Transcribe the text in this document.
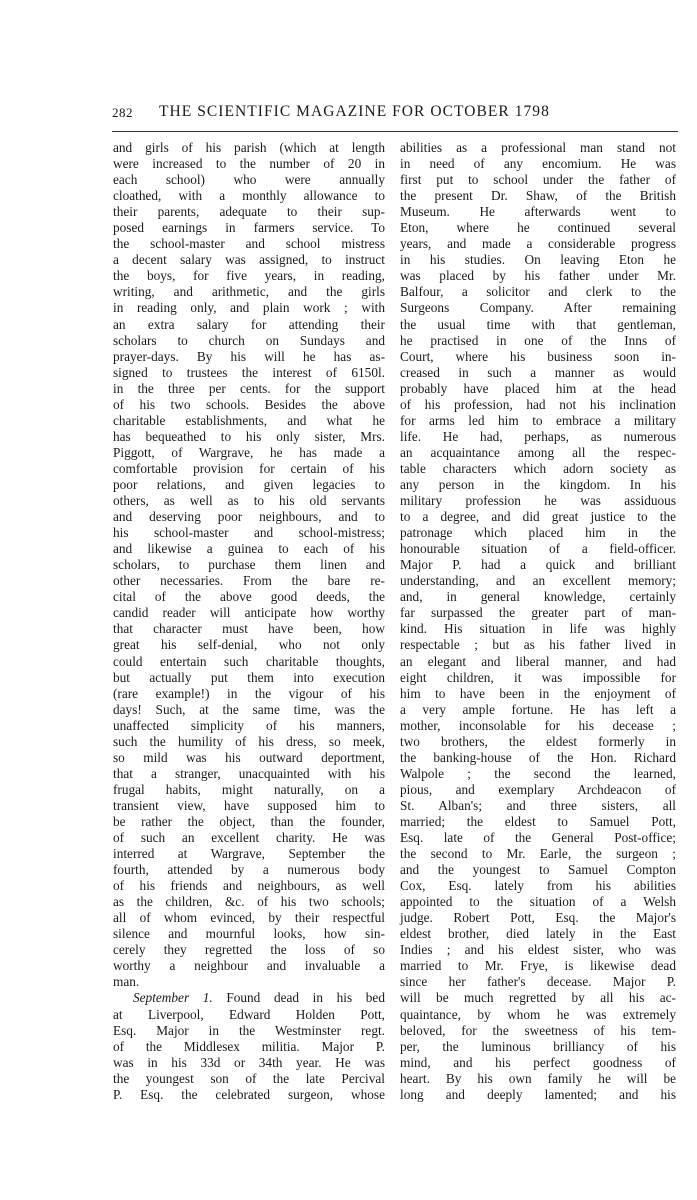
282 THE SCIENTIFIC MAGAZINE FOR OCTOBER 1798
and girls of his parish (which at length
were increased to the number of 20 in
each school) who were annually
cloathed, with a monthly allowance to
their parents, adequate to their sup-
posed earnings in farmers service. To
the school-master and school mistress
a decent salary was assigned, to instruct
the boys, for five years, in reading,
writing, and arithmetic, and the girls
in reading only, and plain work ; with
an extra salary for attending their
scholars to church on Sundays and
prayer-days. By his will he has as-
signed to trustees the interest of 6150l.
in the three per cents. for the support
of his two schools. Besides the above
charitable establishments, and what he
has bequeathed to his only sister, Mrs.
Piggott, of Wargrave, he has made a
comfortable provision for certain of his
poor relations, and given legacies to
others, as well as to his old servants
and deserving poor neighbours, and to
his school-master and school-mistress;
and likewise a guinea to each of his
scholars, to purchase them linen and
other necessaries. From the bare re-
cital of the above good deeds, the
candid reader will anticipate how worthy
that character must have been, how
great his self-denial, who not only
could entertain such charitable thoughts,
but actually put them into execution
(rare example!) in the vigour of his
days! Such, at the same time, was the
unaffected simplicity of his manners,
such the humility of his dress, so meek,
so mild was his outward deportment,
that a stranger, unacquainted with his
frugal habits, might naturally, on a
transient view, have supposed him to
be rather the object, than the founder,
of such an excellent charity. He was
interred at Wargrave, September the
fourth, attended by a numerous body
of his friends and neighbours, as well
as the children, &c. of his two schools;
all of whom evinced, by their respectful
silence and mournful looks, how sin-
cerely they regretted the loss of so
worthy a neighbour and invaluable a
man.
September 1. Found dead in his bed
at Liverpool, Edward Holden Pott,
Esq. Major in the Westminster regt.
of the Middlesex militia. Major P.
was in his 33d or 34th year. He was
the youngest son of the late Percival
P. Esq. the celebrated surgeon, whose
abilities as a professional man stand not
in need of any encomium. He was
first put to school under the father of
the present Dr. Shaw, of the British
Museum. He afterwards went to
Eton, where he continued several
years, and made a considerable progress
in his studies. On leaving Eton he
was placed by his father under Mr.
Balfour, a solicitor and clerk to the
Surgeons Company. After remaining
the usual time with that gentleman,
he practised in one of the Inns of
Court, where his business soon in-
creased in such a manner as would
probably have placed him at the head
of his profession, had not his inclination
for arms led him to embrace a military
life. He had, perhaps, as numerous
an acquaintance among all the respec-
table characters which adorn society as
any person in the kingdom. In his
military profession he was assiduous
to a degree, and did great justice to the
patronage which placed him in the
honourable situation of a field-officer.
Major P. had a quick and brilliant
understanding, and an excellent memory;
and, in general knowledge, certainly
far surpassed the greater part of man-
kind. His situation in life was highly
respectable ; but as his father lived in
an elegant and liberal manner, and had
eight children, it was impossible for
him to have been in the enjoyment of
a very ample fortune. He has left a
mother, inconsolable for his decease ;
two brothers, the eldest formerly in
the banking-house of the Hon. Richard
Walpole ; the second the learned,
pious, and exemplary Archdeacon of
St. Alban's; and three sisters, all
married; the eldest to Samuel Pott,
Esq. late of the General Post-office;
the second to Mr. Earle, the surgeon ;
and the youngest to Samuel Compton
Cox, Esq. lately from his abilities
appointed to the situation of a Welsh
judge. Robert Pott, Esq. the Major's
eldest brother, died lately in the East
Indies ; and his eldest sister, who was
married to Mr. Frye, is likewise dead
since her father's decease. Major P.
will be much regretted by all his ac-
quaintance, by whom he was extremely
beloved, for the sweetness of his tem-
per, the luminous brilliancy of his
mind, and his perfect goodness of
heart. By his own family he will be
long and deeply lamented; and his
